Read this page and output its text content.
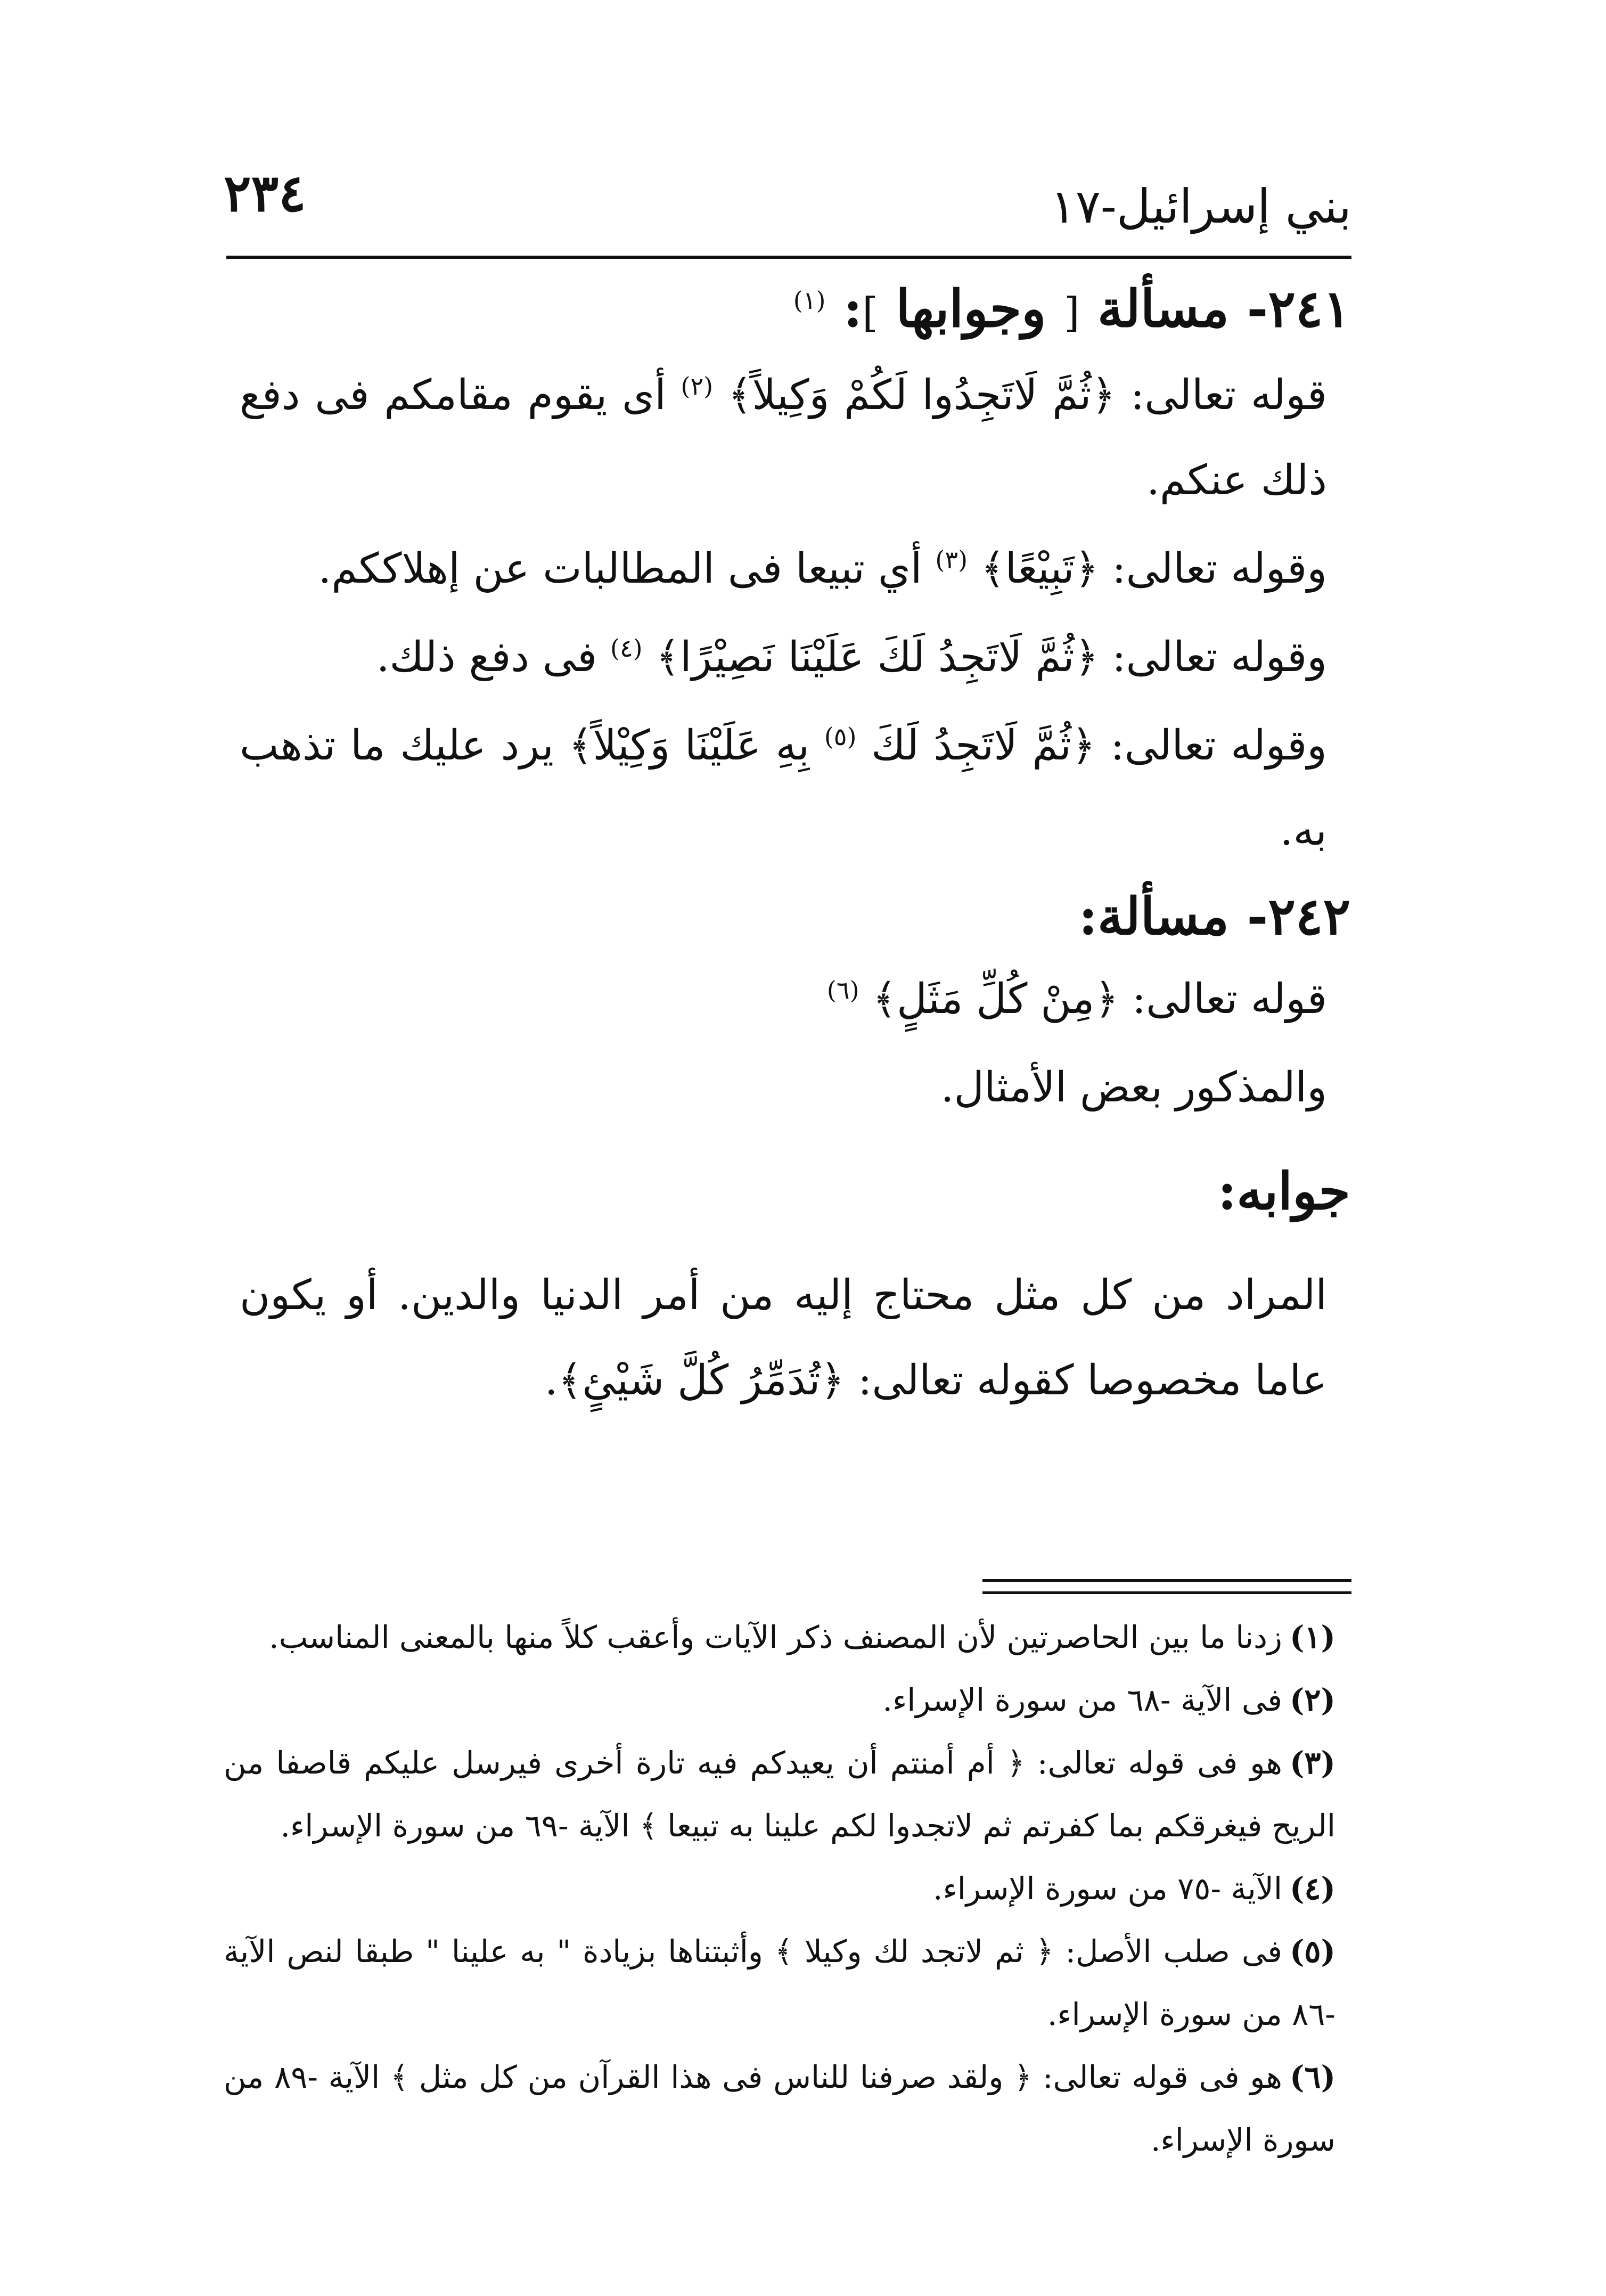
٢٣٤	بني إسرائيل-١٧
٢٤١- مسألة [ وجوابها ]: $^{(١)}$

قوله تعالى: ﴿ثُمَّ لَاتَجِدُوا لَكُمْ وَكِيلاً﴾ $^{(٢)}$ أى يقوم مقامكم فى دفع ذلك عنكم.

وقوله تعالى: ﴿تَبِيْعًا﴾ $^{(٣)}$ أي تبيعا فى المطالبات عن إهلاككم.

وقوله تعالى: ﴿ثُمَّ لَاتَجِدُ لَكَ عَلَيْنَا نَصِيْرًا﴾ $^{(٤)}$ فى دفع ذلك.

وقوله تعالى: ﴿ثُمَّ لَاتَجِدُ لَكَ $^{(٥)}$ بِهِ عَلَيْنَا وَكِيْلاً﴾ يرد عليك ما تذهب به.

٢٤٢- مسألة:

قوله تعالى: ﴿مِنْ كُلِّ مَثَلٍ﴾ $^{(٦)}$

والمذكور بعض الأمثال.

جوابه:

المراد من كل مثل محتاج إليه من أمر الدنيا والدين. أو يكون عاما مخصوصا كقوله تعالى: ﴿تُدَمِّرُ كُلَّ شَيْئٍ﴾.

(١)زدنا ما بين الحاصرتين لأن المصنف ذكر الآيات وأعقب كلاً منها بالمعنى المناسب.

(٢)فى الآية -٦٨ من سورة الإسراء.

(٣)هو فى قوله تعالى: ﴿ أم أمنتم أن يعيدكم فيه تارة أخرى فيرسل عليكم قاصفا من الريح فيغرقكم بما كفرتم ثم لاتجدوا لكم علينا به تبيعا ﴾ الآية -٦٩ من سورة الإسراء.

(٤)الآية -٧٥ من سورة الإسراء.

(٥)فى صلب الأصل: ﴿ ثم لاتجد لك وكيلا ﴾ وأثبتناها بزيادة " به علينا " طبقا لنص الآية -٨٦ من سورة الإسراء.

(٦)هو فى قوله تعالى: ﴿ ولقد صرفنا للناس فى هذا القرآن من كل مثل ﴾ الآية -٨٩ من سورة الإسراء.
